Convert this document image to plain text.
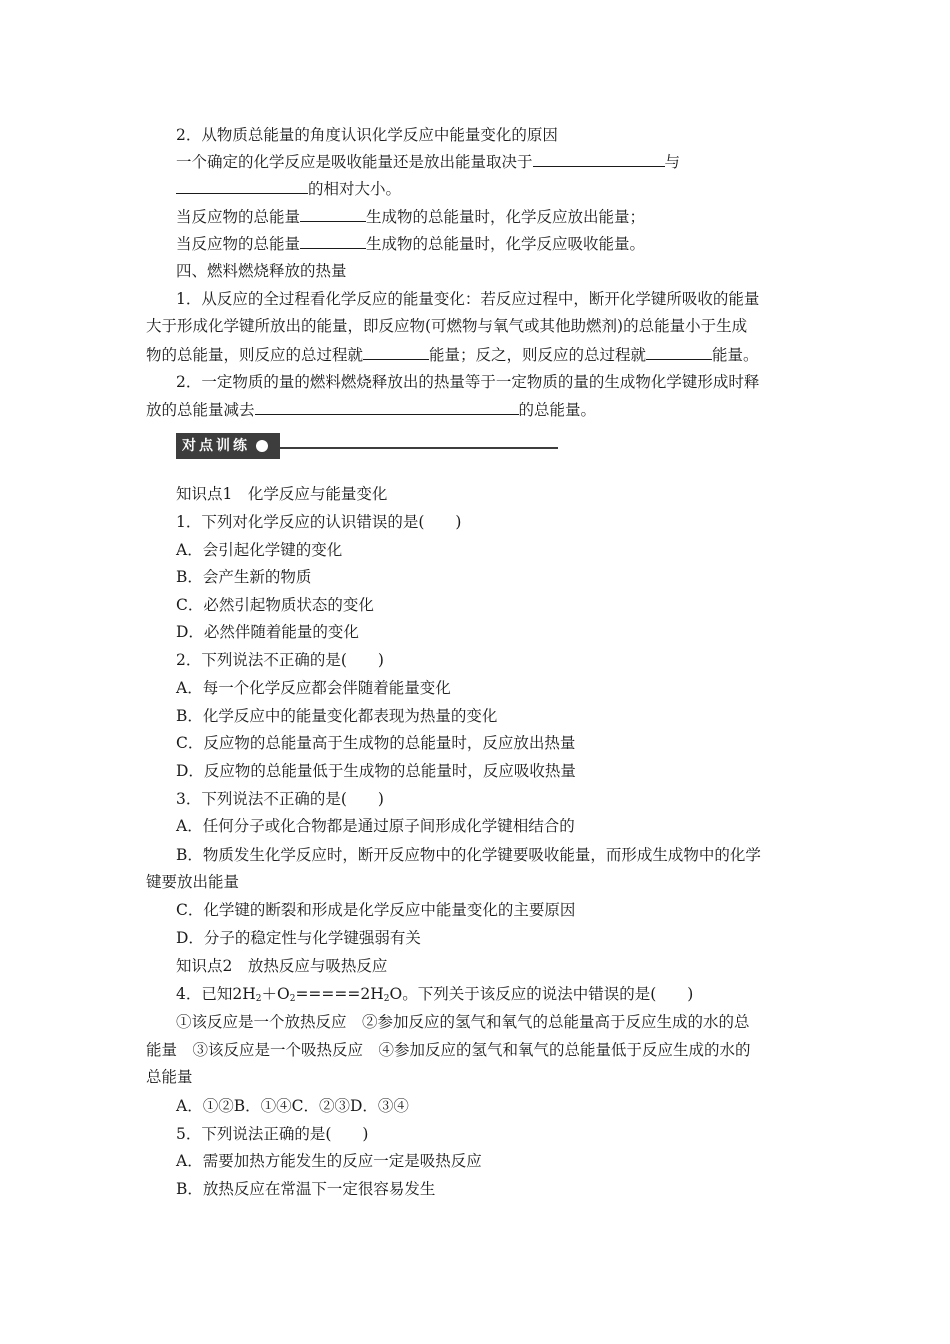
2．从物质总能量的角度认识化学反应中能量变化的原因
一个确定的化学反应是吸收能量还是放出能量取决于	与
的相对大小。
当反应物的总能量	生成物的总能量时，化学反应放出能量；
当反应物的总能量	生成物的总能量时，化学反应吸收能量。
四、燃料燃烧释放的热量
1．从反应的全过程看化学反应的能量变化：若反应过程中，断开化学键所吸收的能量
大于形成化学键所放出的能量，即反应物(可燃物与氧气或其他助燃剂)的总能量小于生成
物的总能量，则反应的总过程就	能量；反之，则反应的总过程就	能量。
2．一定物质的量的燃料燃烧释放出的热量等于一定物质的量的生成物化学键形成时释
放的总能量减去	的总能量。
对点训练
知识点1　化学反应与能量变化
1．下列对化学反应的认识错误的是(　　)
A．会引起化学键的变化
B．会产生新的物质
C．必然引起物质状态的变化
D．必然伴随着能量的变化
2．下列说法不正确的是(　　)
A．每一个化学反应都会伴随着能量变化
B．化学反应中的能量变化都表现为热量的变化
C．反应物的总能量高于生成物的总能量时，反应放出热量
D．反应物的总能量低于生成物的总能量时，反应吸收热量
3．下列说法不正确的是(　　)
A．任何分子或化合物都是通过原子间形成化学键相结合的
B．物质发生化学反应时，断开反应物中的化学键要吸收能量，而形成生成物中的化学
键要放出能量
C．化学键的断裂和形成是化学反应中能量变化的主要原因
D．分子的稳定性与化学键强弱有关
知识点2　放热反应与吸热反应
4．已知$2H_2+O_2=====2H_2O$。下列关于该反应的说法中错误的是(　　)
①该反应是一个放热反应　②参加反应的氢气和氧气的总能量高于反应生成的水的总
能量　③该反应是一个吸热反应　④参加反应的氢气和氧气的总能量低于反应生成的水的
总能量
A．①②B．①④C．②③D．③④
5．下列说法正确的是(　　)
A．需要加热方能发生的反应一定是吸热反应
B．放热反应在常温下一定很容易发生
